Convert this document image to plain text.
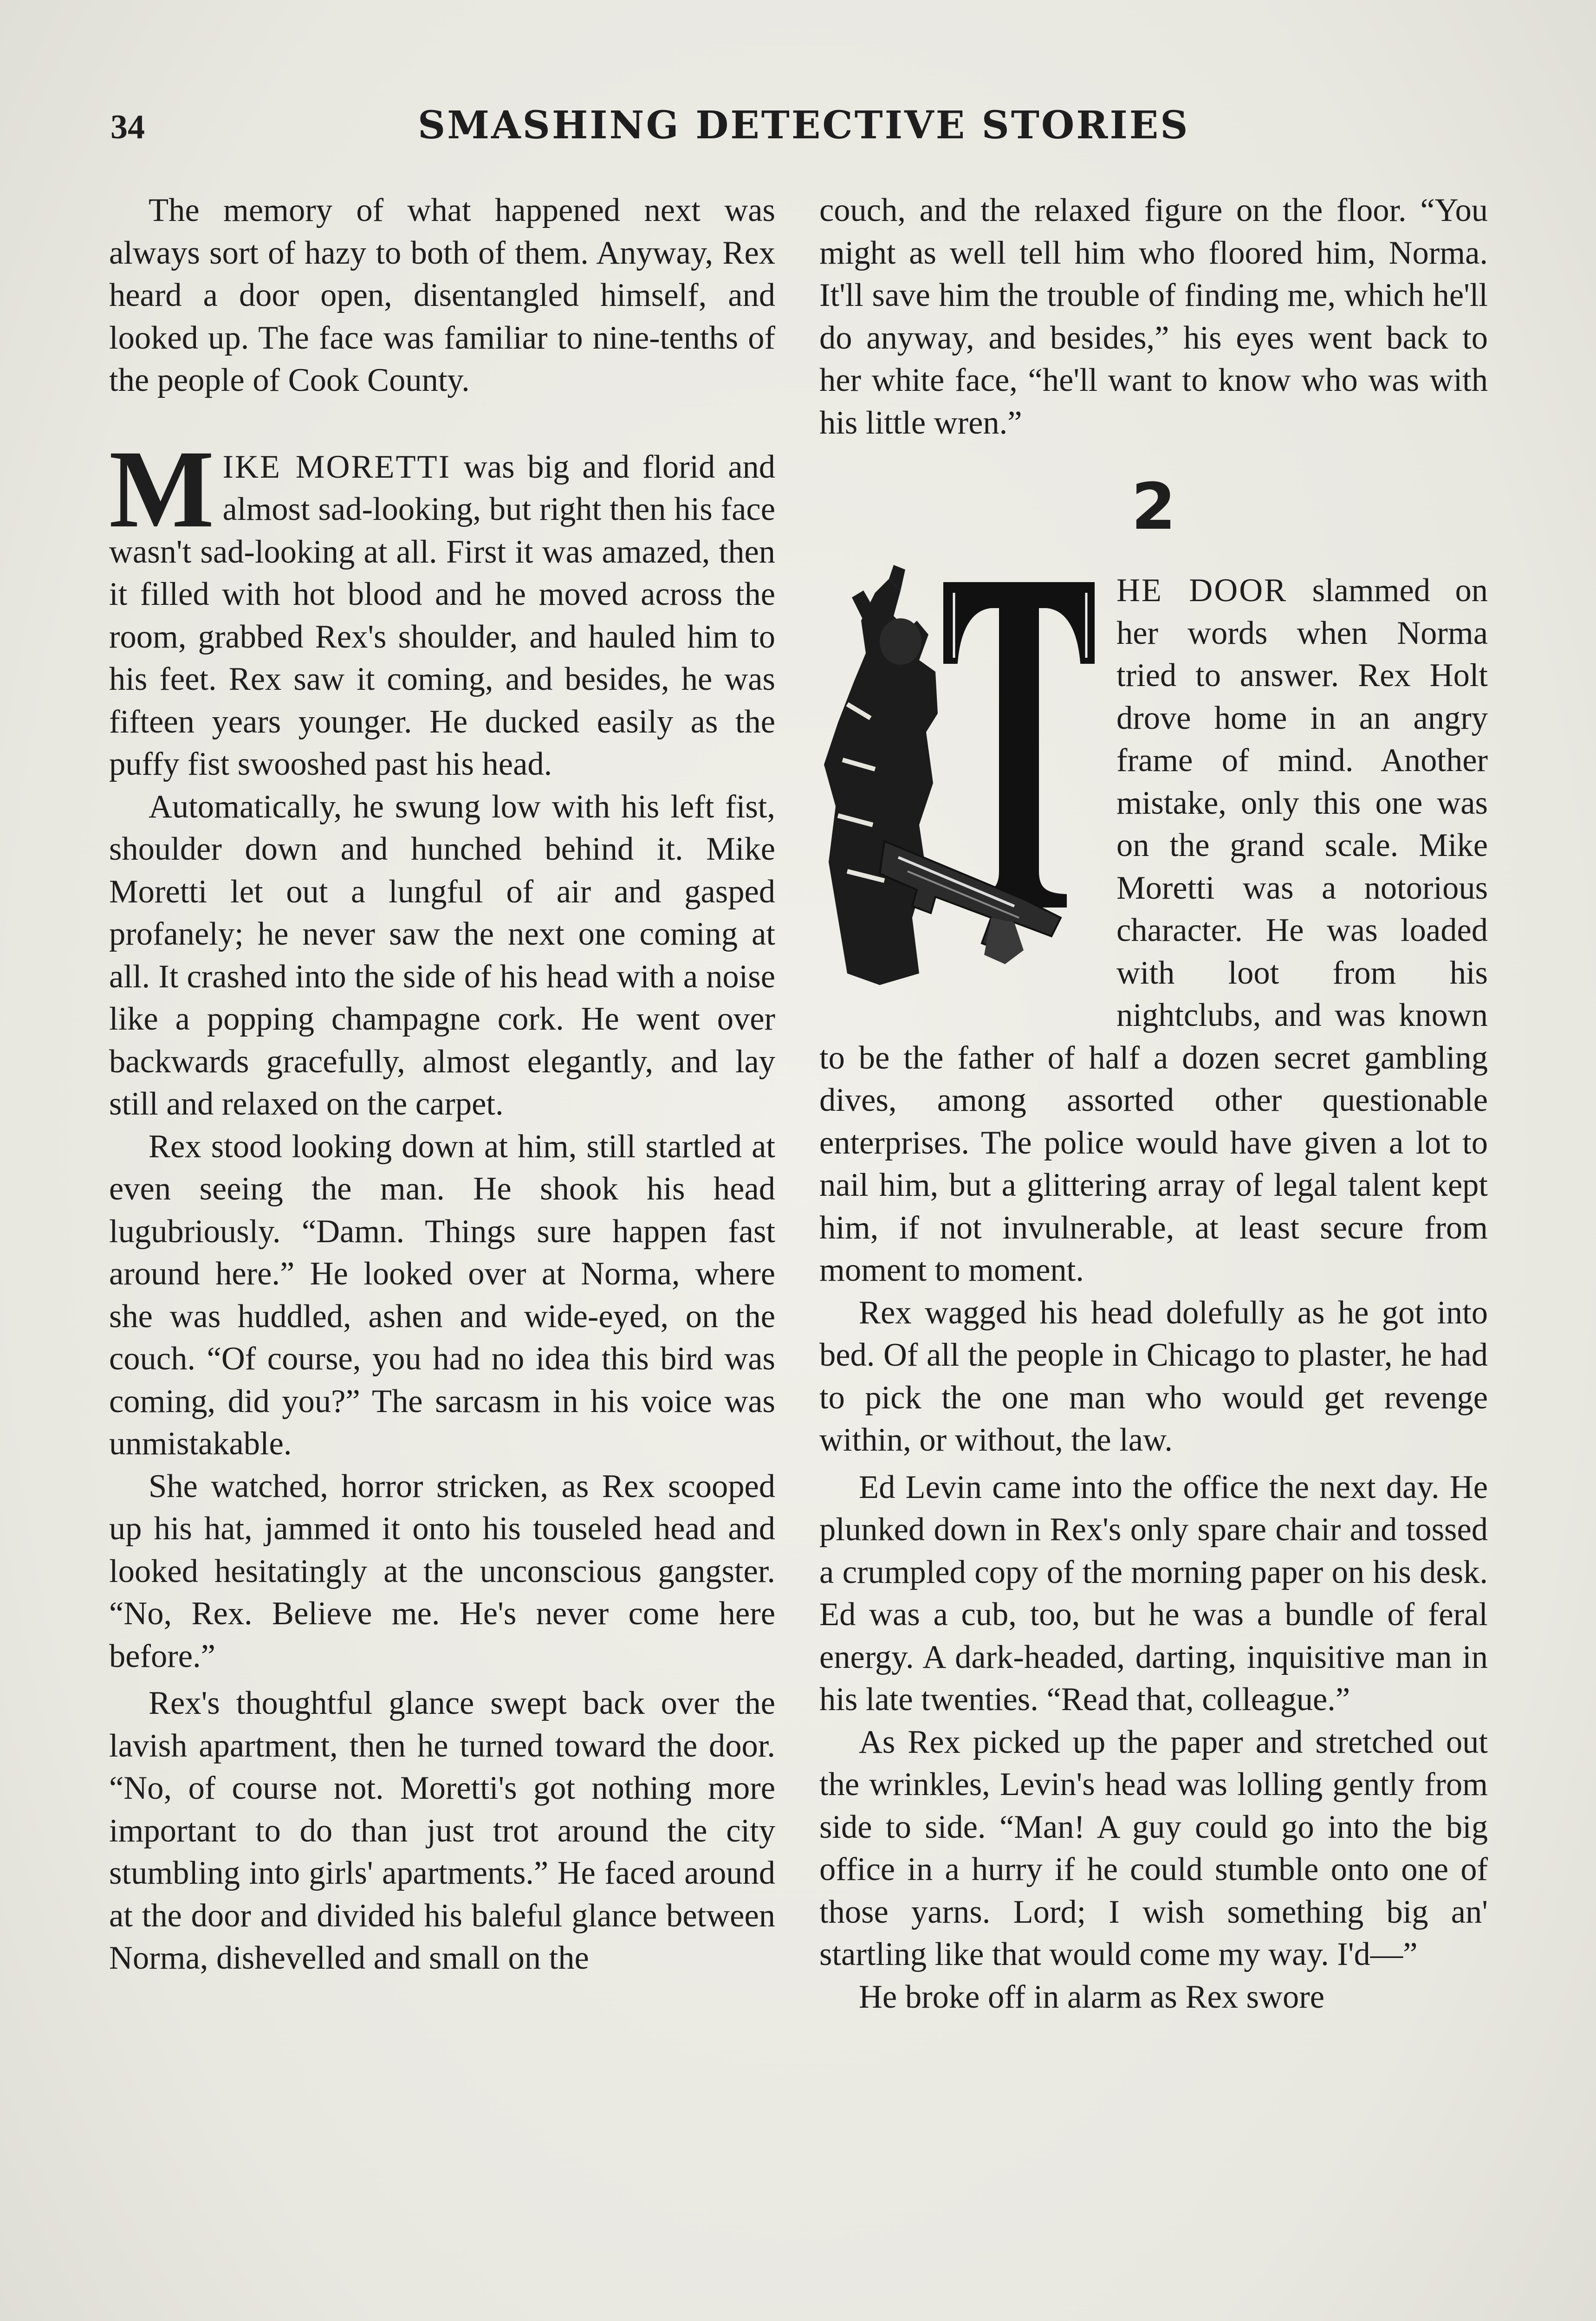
34	SMASHING DETECTIVE STORIES

The memory of what happened next was always sort of hazy to both of them. Anyway, Rex heard a door open, disentangled himself, and looked up. The face was familiar to nine-tenths of the people of Cook County.

MIKE MORETTI was big and florid and almost sad-looking, but right then his face wasn't sad-looking at all. First it was amazed, then it filled with hot blood and he moved across the room, grabbed Rex's shoulder, and hauled him to his feet. Rex saw it coming, and besides, he was fifteen years younger. He ducked easily as the puffy fist swooshed past his head.

Automatically, he swung low with his left fist, shoulder down and hunched behind it. Mike Moretti let out a lungful of air and gasped profanely; he never saw the next one coming at all. It crashed into the side of his head with a noise like a popping champagne cork. He went over backwards gracefully, almost elegantly, and lay still and relaxed on the carpet.

Rex stood looking down at him, still startled at even seeing the man. He shook his head lugubriously. “Damn. Things sure happen fast around here.” He looked over at Norma, where she was huddled, ashen and wide-eyed, on the couch. “Of course, you had no idea this bird was coming, did you?” The sarcasm in his voice was unmistakable.

She watched, horror stricken, as Rex scooped up his hat, jammed it onto his touseled head and looked hesitatingly at the unconscious gangster. “No, Rex. Believe me. He's never come here before.”

Rex's thoughtful glance swept back over the lavish apartment, then he turned toward the door. “No, of course not. Moretti's got nothing more important to do than just trot around the city stumbling into girls' apartments.” He faced around at the door and divided his baleful glance between Norma, dishevelled and small on the

couch, and the relaxed figure on the floor. “You might as well tell him who floored him, Norma. It'll save him the trouble of finding me, which he'll do anyway, and besides,” his eyes went back to her white face, “he'll want to know who was with his little wren.”

2

HE DOOR slammed on her words when Norma tried to answer. Rex Holt drove home in an angry frame of mind. Another mistake, only this one was on the grand scale. Mike Moretti was a notorious character. He was loaded with loot from his nightclubs, and was known to be the father of half a dozen secret gambling dives, among assorted other questionable enterprises. The police would have given a lot to nail him, but a glittering array of legal talent kept him, if not invulnerable, at least secure from moment to moment.

Rex wagged his head dolefully as he got into bed. Of all the people in Chicago to plaster, he had to pick the one man who would get revenge within, or without, the law.

Ed Levin came into the office the next day. He plunked down in Rex's only spare chair and tossed a crumpled copy of the morning paper on his desk. Ed was a cub, too, but he was a bundle of feral energy. A dark-headed, darting, inquisitive man in his late twenties. “Read that, colleague.”

As Rex picked up the paper and stretched out the wrinkles, Levin's head was lolling gently from side to side. “Man! A guy could go into the big office in a hurry if he could stumble onto one of those yarns. Lord; I wish something big an' startling like that would come my way. I'd—”

He broke off in alarm as Rex swore
